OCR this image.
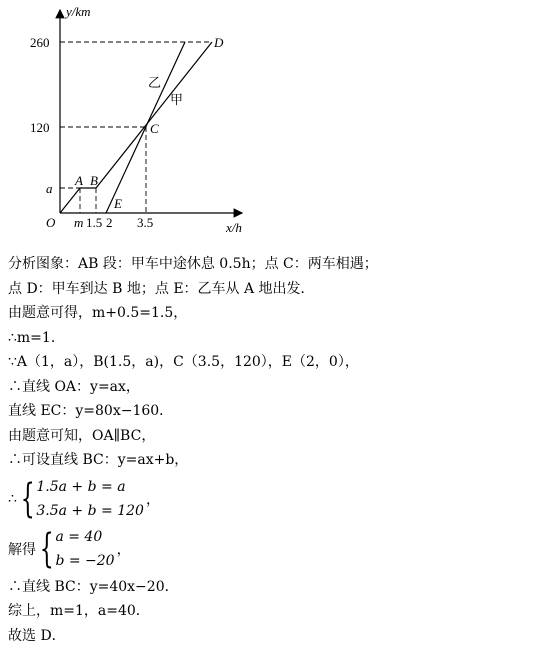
y/km
x/h
O
260
120
a
m 1.5 2 3.5
A B
C
D
E
乙
甲
分析图象：AB 段：甲车中途休息 0.5h；点 C：两车相遇；
点 D：甲车到达 B 地；点 E：乙车从 A 地出发．
由题意可得，m+0.5=1.5，
∴m=1．
∵A（1，a），B(1.5，a)，C（3.5，120），E（2，0），
∴直线 OA：y=ax，
直线 EC：y=80x−160．
由题意可知，OA∥BC，
∴可设直线 BC：y=ax+b，
∴ { 1.5a + b = a
3.5a + b = 120
，
解得 { a = 40
b = −20
，
∴直线 BC：y=40x−20．
综上，m=1，a=40．
故选 D．
